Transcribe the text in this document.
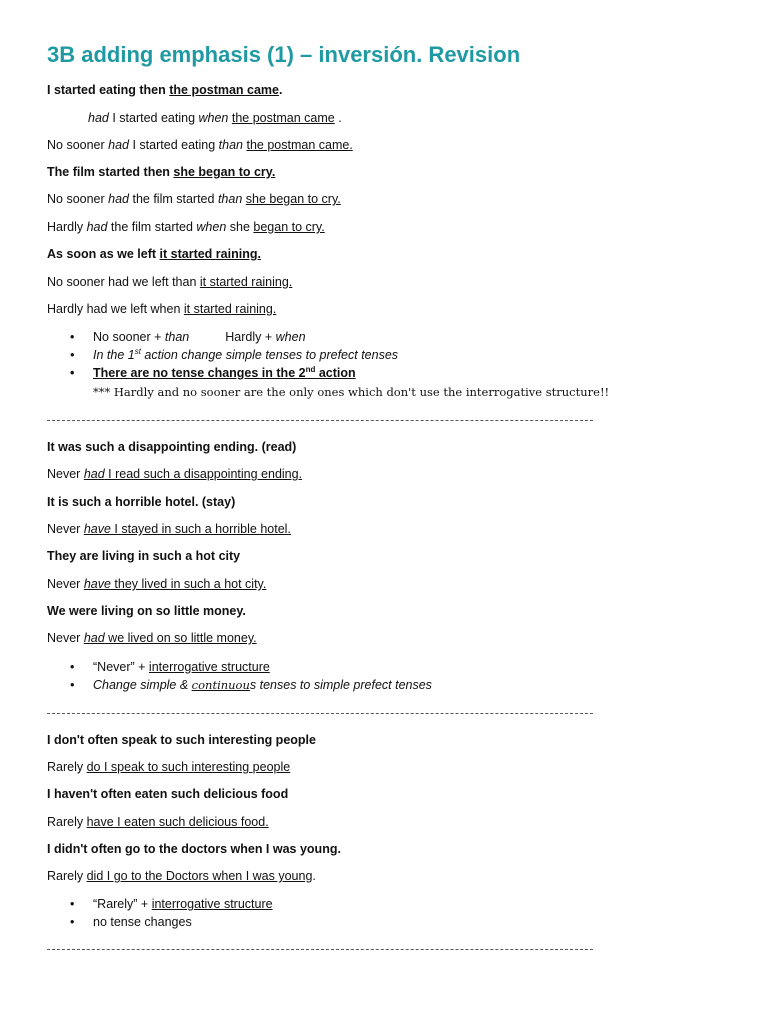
3B adding emphasis (1) – inversión. Revision
I started eating then the postman came.
had I started eating when the postman came .
No sooner had I started eating than the postman came.
The film started then she began to cry.
No sooner had the film started than she began to cry.
Hardly had the film started when she began to cry.
As soon as we left it started raining.
No sooner had we left than it started raining.
Hardly had we left when it started raining.
• No sooner + than	Hardly + when
• In the 1st action change simple tenses to prefect tenses
• There are no tense changes in the 2nd action
*** Hardly and no sooner are the only ones which don't use the interrogative structure!!
It was such a disappointing ending. (read)
Never had I read such a disappointing ending.
It is such a horrible hotel. (stay)
Never have I stayed in such a horrible hotel.
They are living in such a hot city
Never have they lived in such a hot city.
We were living on so little money.
Never had we lived on so little money.
• “Never” + interrogative structure
• Change simple & continuous tenses to simple prefect tenses
I don't often speak to such interesting people
Rarely do I speak to such interesting people
I haven't often eaten such delicious food
Rarely have I eaten such delicious food.
I didn't often go to the doctors when I was young.
Rarely did I go to the Doctors when I was young.
• “Rarely” + interrogative structure
• no tense changes
